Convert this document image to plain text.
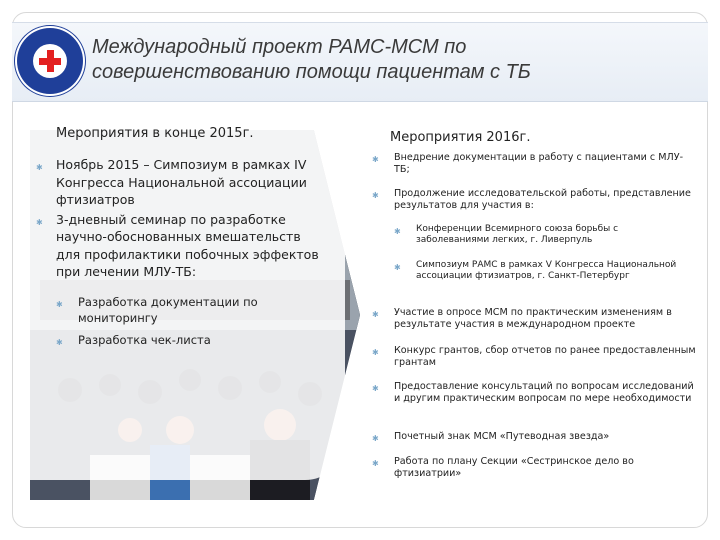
Международный проект РАМС-МСМ по
совершенствованию помощи пациентам с ТБ
Мероприятия в конце 2015г.
✱ Ноябрь 2015 – Симпозиум в рамках IV Конгресса Национальной ассоциации фтизиатров
✱ 3-дневный семинар по разработке научно-обоснованных вмешательств для профилактики побочных эффектов при лечении МЛУ-ТБ:
✱ Разработка документации по мониторингу
✱ Разработка чек-листа
Мероприятия 2016г.
✱ Внедрение документации в работу с пациентами с МЛУ-ТБ;
✱ Продолжение исследовательской работы, представление результатов для участия в:
✱ Конференции Всемирного союза борьбы с заболеваниями легких, г. Ливерпуль
✱ Симпозиум РАМС в рамках V Конгресса Национальной ассоциации фтизиатров, г. Санкт-Петербург
✱ Участие в опросе МСМ по практическим изменениям в результате участия в международном проекте
✱ Конкурс грантов, сбор отчетов по ранее предоставленным грантам
✱ Предоставление консультаций по вопросам исследований и другим практическим вопросам по мере необходимости
✱ Почетный знак МСМ «Путеводная звезда»
✱ Работа по плану Секции «Сестринское дело во фтизиатрии»
